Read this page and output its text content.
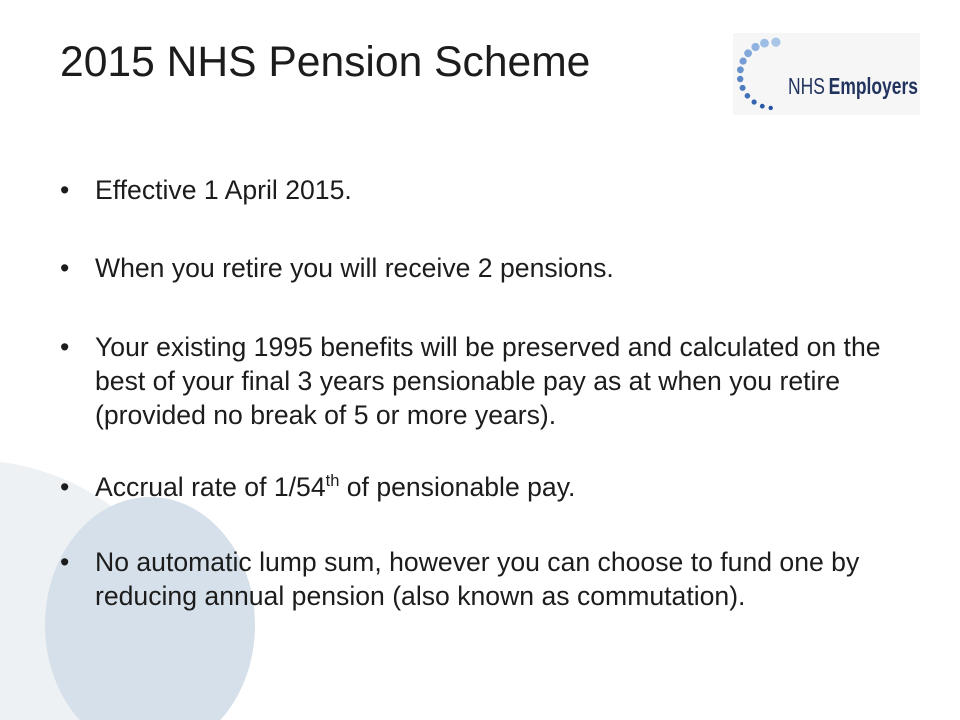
2015 NHS Pension Scheme	NHSEmployers
• Effective 1 April 2015.
• When you retire you will receive 2 pensions.
• Your existing 1995 benefits will be preserved and calculated on the
best of your final 3 years pensionable pay as at when you retire
(provided no break of 5 or more years).
• Accrual rate of 1/54th of pensionable pay.
• No automatic lump sum, however you can choose to fund one by
reducing annual pension (also known as commutation).
